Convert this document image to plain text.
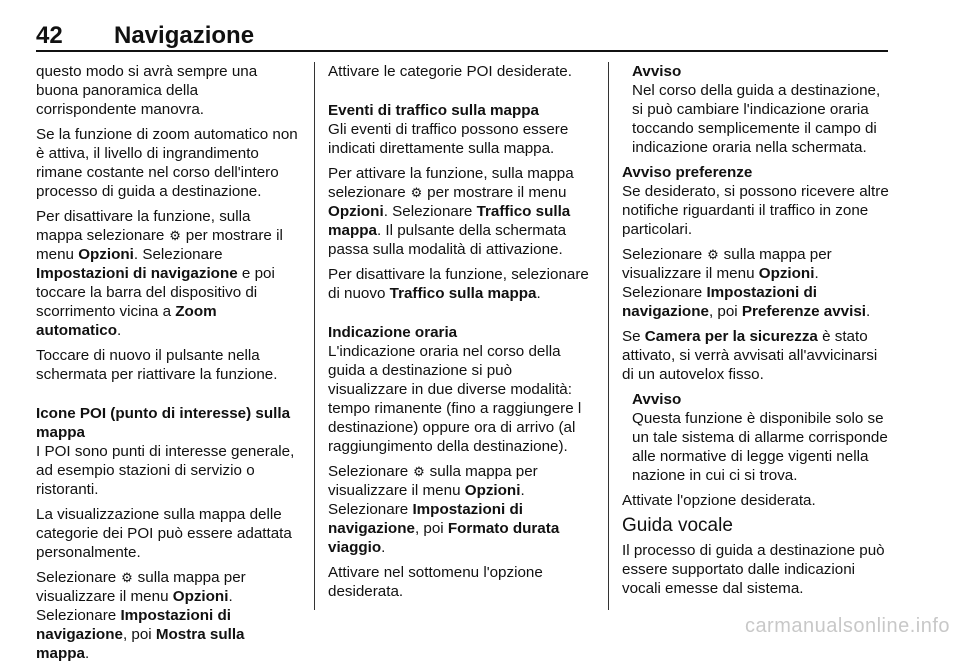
42 Navigazione

questo modo si avrà sempre una buona panoramica della corrispondente manovra.

Se la funzione di zoom automatico non è attiva, il livello di ingrandimento rimane costante nel corso dell'intero processo di guida a destinazione.

Per disattivare la funzione, sulla mappa selezionare ⚙ per mostrare il menu Opzioni. Selezionare Impostazioni di navigazione e poi toccare la barra del dispositivo di scorrimento vicina a Zoom automatico.

Toccare di nuovo il pulsante nella schermata per riattivare la funzione.

Icone POI (punto di interesse) sulla mappa

I POI sono punti di interesse generale, ad esempio stazioni di servizio o ristoranti.

La visualizzazione sulla mappa delle categorie dei POI può essere adattata personalmente.

Selezionare ⚙ sulla mappa per visualizzare il menu Opzioni. Selezionare Impostazioni di navigazione, poi Mostra sulla mappa.

Attivare le categorie POI desiderate.

Eventi di traffico sulla mappa

Gli eventi di traffico possono essere indicati direttamente sulla mappa.

Per attivare la funzione, sulla mappa selezionare ⚙ per mostrare il menu Opzioni. Selezionare Traffico sulla mappa. Il pulsante della schermata passa sulla modalità di attivazione.

Per disattivare la funzione, selezionare di nuovo Traffico sulla mappa.

Indicazione oraria

L'indicazione oraria nel corso della guida a destinazione si può visualizzare in due diverse modalità: tempo rimanente (fino a raggiungere l destinazione) oppure ora di arrivo (al raggiungimento della destinazione).

Selezionare ⚙ sulla mappa per visualizzare il menu Opzioni. Selezionare Impostazioni di navigazione, poi Formato durata viaggio.

Attivare nel sottomenu l'opzione desiderata.

Avviso
Nel corso della guida a destinazione, si può cambiare l'indicazione oraria toccando semplicemente il campo di indicazione oraria nella schermata.
Avviso preferenze

Se desiderato, si possono ricevere altre notifiche riguardanti il traffico in zone particolari.

Selezionare ⚙ sulla mappa per visualizzare il menu Opzioni. Selezionare Impostazioni di navigazione, poi Preferenze avvisi.

Se Camera per la sicurezza è stato attivato, si verrà avvisati all'avvicinarsi di un autovelox fisso.

Avviso
Questa funzione è disponibile solo se un tale sistema di allarme corrisponde alle normative di legge vigenti nella nazione in cui ci si trova.

Attivate l'opzione desiderata.

Guida vocale

Il processo di guida a destinazione può essere supportato dalle indicazioni vocali emesse dal sistema.

carmanualsonline.info
